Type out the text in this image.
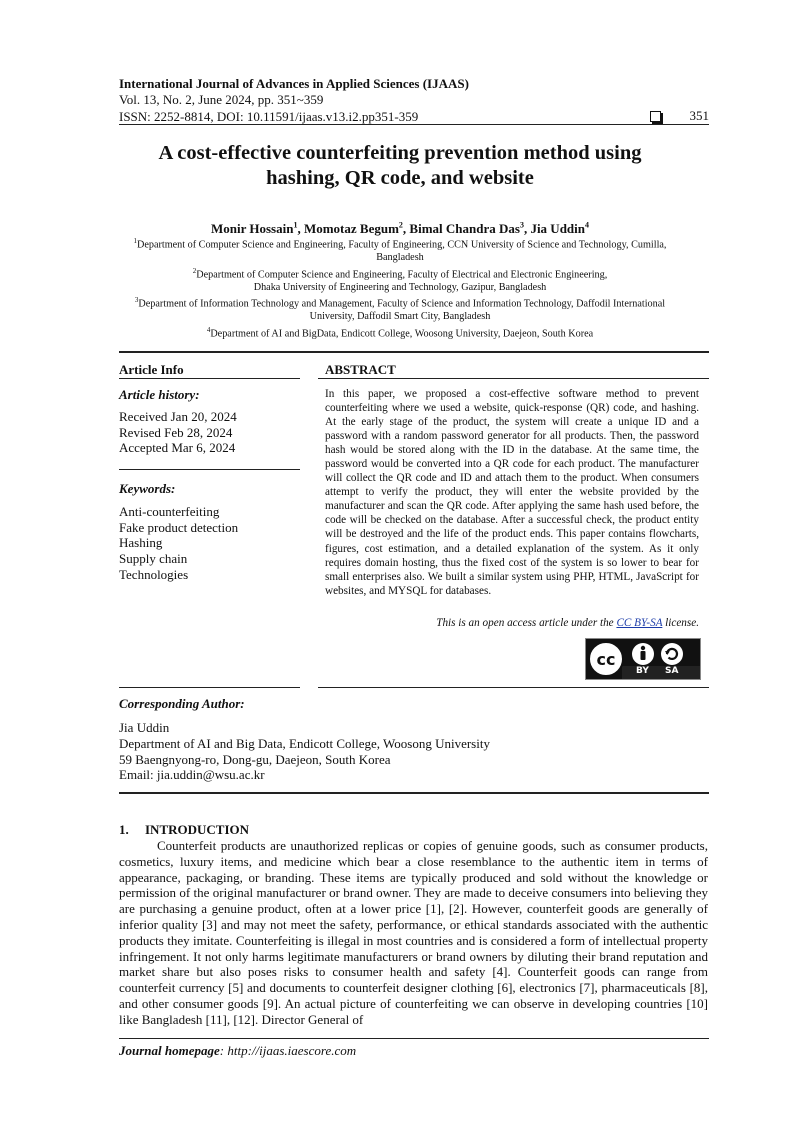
International Journal of Advances in Applied Sciences (IJAAS)
Vol. 13, No. 2, June 2024, pp. 351~359
ISSN: 2252-8814, DOI: 10.11591/ijaas.v13.i2.pp351-359	351
A cost-effective counterfeiting prevention method using
hashing, QR code, and website
Monir Hossain$^1$, Momotaz Begum$^2$, Bimal Chandra Das$^3$, Jia Uddin$^4$
$^1$Department of Computer Science and Engineering, Faculty of Engineering, CCN University of Science and Technology, Cumilla,
Bangladesh
$^2$Department of Computer Science and Engineering, Faculty of Electrical and Electronic Engineering,
Dhaka University of Engineering and Technology, Gazipur, Bangladesh
$^3$Department of Information Technology and Management, Faculty of Science and Information Technology, Daffodil International
University, Daffodil Smart City, Bangladesh
$^4$Department of AI and BigData, Endicott College, Woosong University, Daejeon, South Korea
Article Info	ABSTRACT
Article history:
Received Jan 20, 2024
Revised Feb 28, 2024
Accepted Mar 6, 2024
Keywords:
Anti-counterfeiting
Fake product detection
Hashing
Supply chain
Technologies
In this paper, we proposed a cost-effective software method to prevent counterfeiting where we used a website, quick-response (QR) code, and hashing. At the early stage of the product, the system will create a unique ID and a password with a random password generator for all products. Then, the password hash would be stored along with the ID in the database. At the same time, the password would be converted into a QR code for each product. The manufacturer will collect the QR code and ID and attach them to the product. When consumers attempt to verify the product, they will enter the website provided by the manufacturer and scan the QR code. After applying the same hash used before, the code will be checked on the database. After a successful check, the product entity will be destroyed and the life of the product ends. This paper contains flowcharts, figures, cost estimation, and a detailed explanation of the system. As it only requires domain hosting, thus the fixed cost of the system is so lower to bear for small enterprises also. We built a similar system using PHP, HTML, JavaScript for websites, and MYSQL for databases.
This is an open access article under the CC BY-SA license.
cc
BY SA
Corresponding Author:
Jia Uddin
Department of AI and Big Data, Endicott College, Woosong University
59 Baengnyong-ro, Dong-gu, Daejeon, South Korea
Email: jia.uddin@wsu.ac.kr
1. INTRODUCTION
Counterfeit products are unauthorized replicas or copies of genuine goods, such as consumer products, cosmetics, luxury items, and medicine which bear a close resemblance to the authentic item in terms of appearance, packaging, or branding. These items are typically produced and sold without the knowledge or permission of the original manufacturer or brand owner. They are made to deceive consumers into believing they are purchasing a genuine product, often at a lower price [1], [2]. However, counterfeit goods are generally of inferior quality [3] and may not meet the safety, performance, or ethical standards associated with the authentic products they imitate. Counterfeiting is illegal in most countries and is considered a form of intellectual property infringement. It not only harms legitimate manufacturers or brand owners by diluting their brand reputation and market share but also poses risks to consumer health and safety [4]. Counterfeit goods can range from counterfeit currency [5] and documents to counterfeit designer clothing [6], electronics [7], pharmaceuticals [8], and other consumer goods [9]. An actual picture of counterfeiting we can observe in developing countries [10] like Bangladesh [11], [12]. Director General of
Journal homepage: http://ijaas.iaescore.com
